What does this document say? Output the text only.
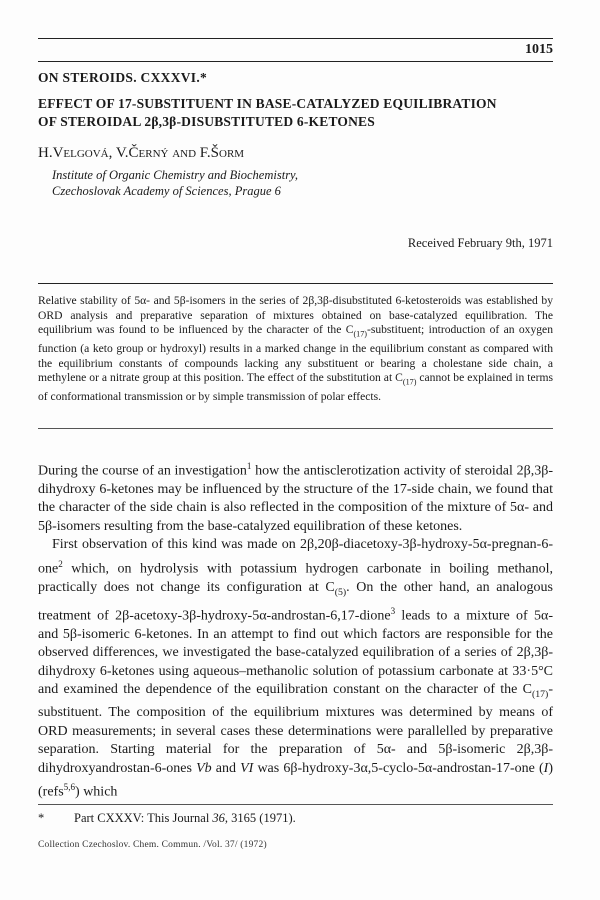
1015
ON STEROIDS. CXXXVI.*
EFFECT OF 17-SUBSTITUENT IN BASE-CATALYZED EQUILIBRATION
OF STEROIDAL 2β,3β-DISUBSTITUTED 6-KETONES
H.Velgová, V.Černý and F.Šorm
Institute of Organic Chemistry and Biochemistry,
Czechoslovak Academy of Sciences, Prague 6
Received February 9th, 1971
Relative stability of 5α- and 5β-isomers in the series of 2β,3β-disubstituted 6-ketosteroids was established by ORD analysis and preparative separation of mixtures obtained on base-catalyzed equilibration. The equilibrium was found to be influenced by the character of the $C_{(17)}$-substituent; introduction of an oxygen function (a keto group or hydroxyl) results in a marked change in the equilibrium constant as compared with the equilibrium constants of compounds lacking any substituent or bearing a cholestane side chain, a methylene or a nitrate group at this position. The effect of the substitution at $C_{(17)}$ cannot be explained in terms of conformational transmission or by simple transmission of polar effects.

During the course of an investigation$^1$ how the antisclerotization activity of steroidal 2β,3β-dihydroxy 6-ketones may be influenced by the structure of the 17-side chain, we found that the character of the side chain is also reflected in the composition of the mixture of 5α- and 5β-isomers resulting from the base-catalyzed equilibration of these ketones.

First observation of this kind was made on 2β,20β-diacetoxy-3β-hydroxy-5α-pregnan-6-one$^2$ which, on hydrolysis with potassium hydrogen carbonate in boiling methanol, practically does not change its configuration at $C_{(5)}$. On the other hand, an analogous treatment of 2β-acetoxy-3β-hydroxy-5α-androstan-6,17-dione$^3$ leads to a mixture of 5α- and 5β-isomeric 6-ketones. In an attempt to find out which factors are responsible for the observed differences, we investigated the base-catalyzed equilibration of a series of 2β,3β-dihydroxy 6-ketones using aqueous–methanolic solution of potassium carbonate at 33·5°C and examined the dependence of the equilibration constant on the character of the $C_{(17)}$-substituent. The composition of the equilibrium mixtures was determined by means of ORD measurements; in several cases these determinations were parallelled by preparative separation. Starting material for the preparation of 5α- and 5β-isomeric 2β,3β-dihydroxyandrostan-6-ones Vb and VI was 6β-hydroxy-3α,5-cyclo-5α-androstan-17-one (I) (refs$^{5,6}$) which

* Part CXXXV: This Journal 36, 3165 (1971).
Collection Czechoslov. Chem. Commun. /Vol. 37/ (1972)
